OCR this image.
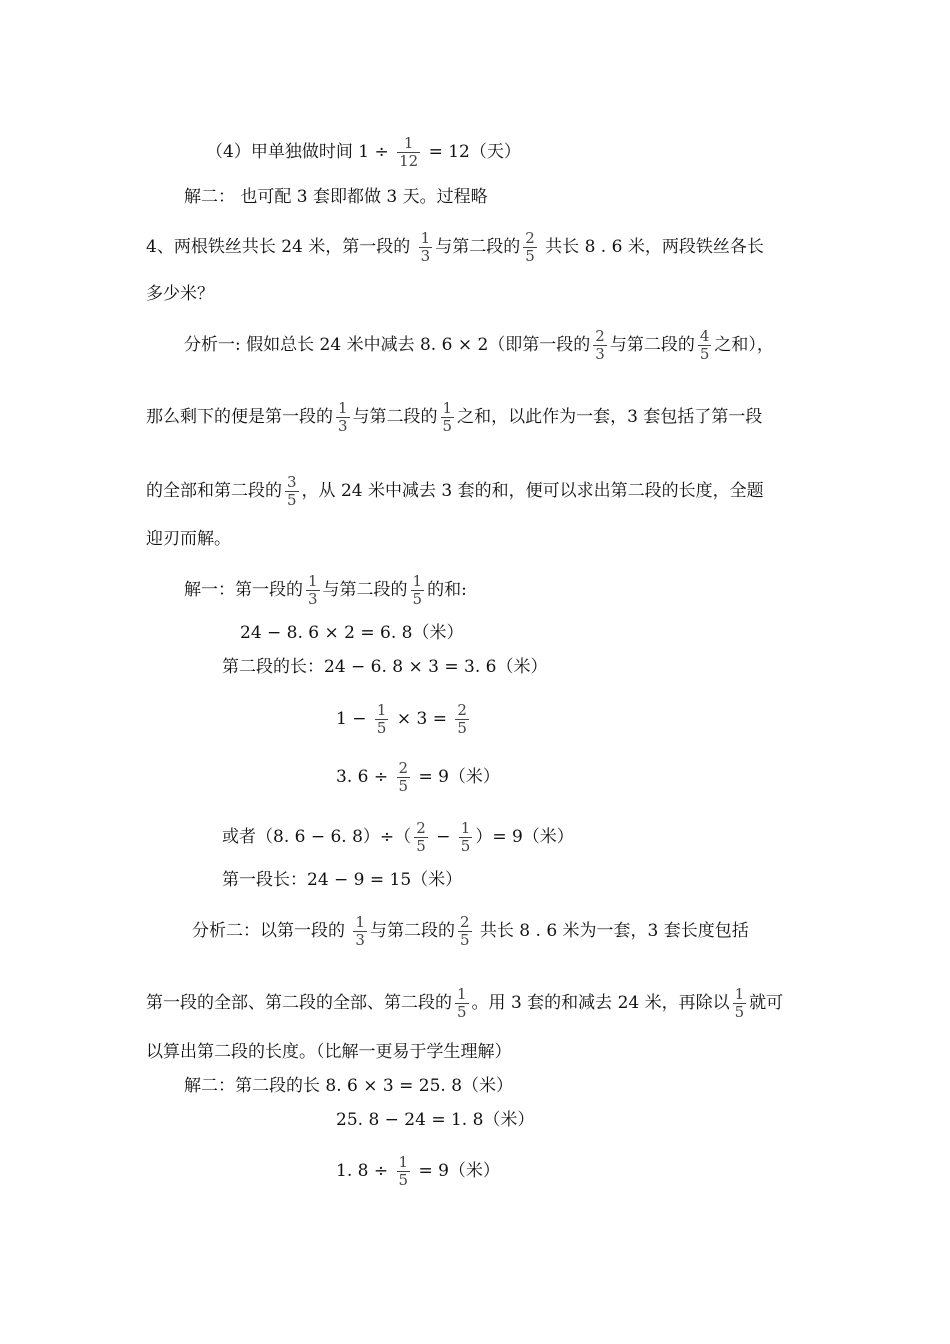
（4）甲单独做时间 $1 \div \frac{1}{12} = 12$（天）
解二： 也可配 3 套即都做 3 天。过程略
4、两根铁丝共长 24 米，第一段的 $\frac{1}{3}$ 与第二段的 $\frac{2}{5}$ 共长 8 . 6 米，两段铁丝各长
多少米？
分析一: 假如总长 24 米中减去 8. 6 × 2（即第一段的 $\frac{2}{3}$ 与第二段的 $\frac{4}{5}$ 之和），
那么剩下的便是第一段的 $\frac{1}{3}$ 与第二段的 $\frac{1}{5}$ 之和，以此作为一套，3 套包括了第一段
的全部和第二段的 $\frac{3}{5}$ ，从 24 米中减去 3 套的和，便可以求出第二段的长度，全题
迎刃而解。
解一：第一段的 $\frac{1}{3}$ 与第二段的 $\frac{1}{5}$ 的和:
24 − 8. 6 × 2 = 6. 8（米）
第二段的长：24 − 6. 8 × 3 = 3. 6（米）
$1 - \frac{1}{5} \times 3 = \frac{2}{5}$
3. $6 \div \frac{2}{5} = 9$（米）
或者（8. 6 − 6. $8)\div( \frac{2}{5} - \frac{1}{5}$ ）= 9（米）
第一段长：24 − 9 = 15（米）
分析二：以第一段的 $\frac{1}{3}$ 与第二段的 $\frac{2}{5}$ 共长 8 . 6 米为一套，3 套长度包括
第一段的全部、第二段的全部、第二段的 $\frac{1}{5}$ 。用 3 套的和减去 24 米，再除以 $\frac{1}{5}$ 就可
以算出第二段的长度。（比解一更易于学生理解）
解二：第二段的长 8. 6 × 3 = 25. 8（米）
25. 8 − 24 = 1. 8（米）
1. $8 \div \frac{1}{5} = 9$（米）
